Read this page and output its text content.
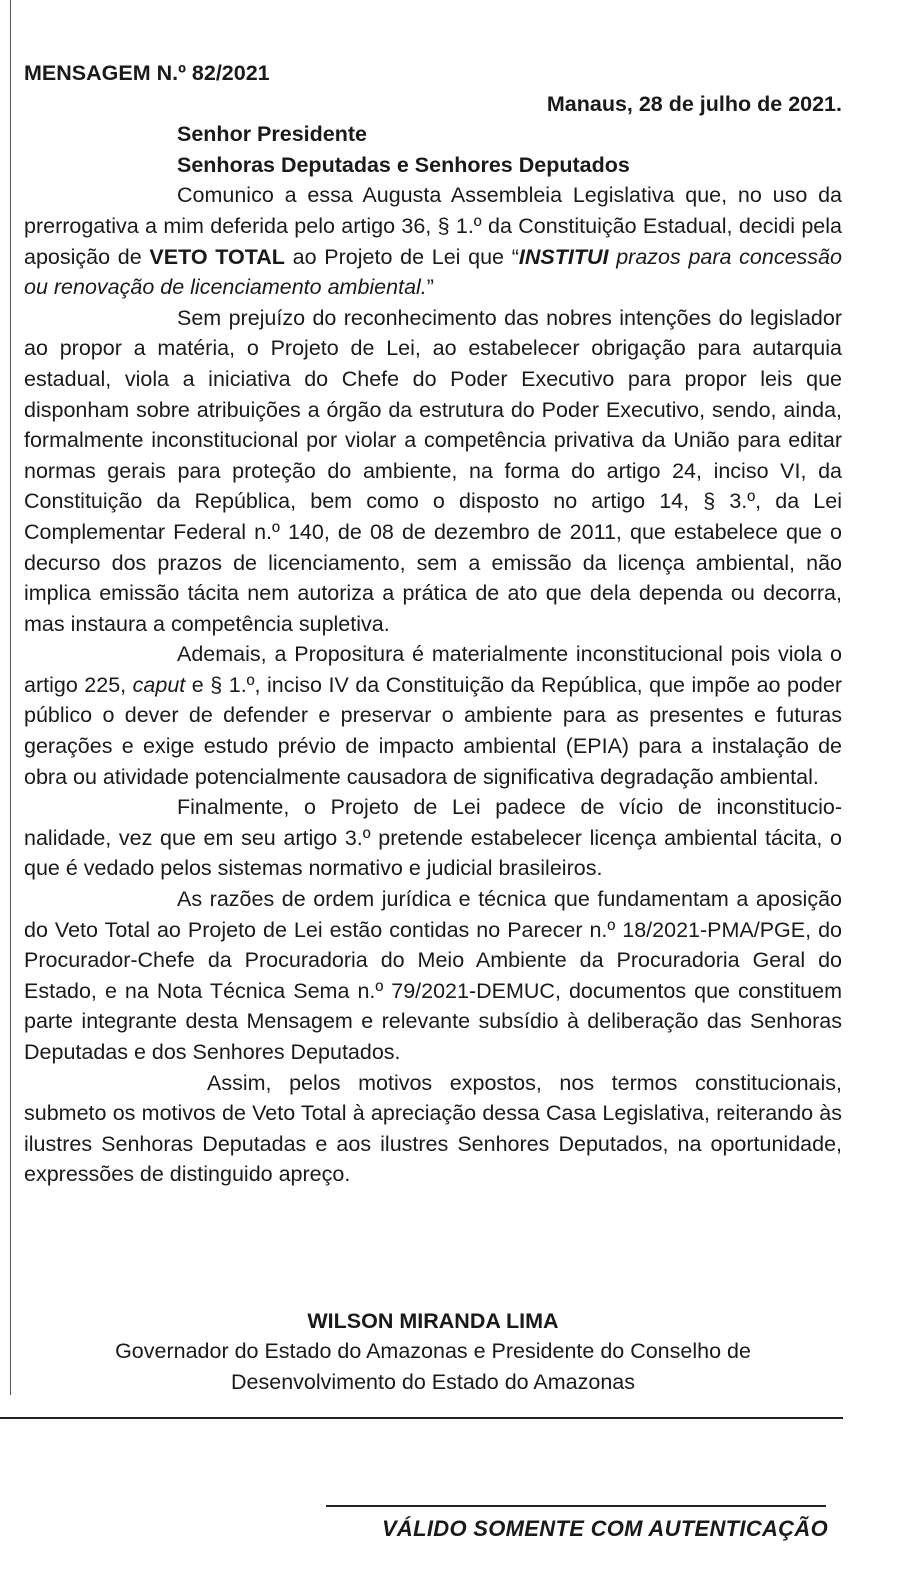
MENSAGEM N.º 82/2021

Manaus, 28 de julho de 2021.

Senhor Presidente

Senhoras Deputadas e Senhores Deputados

Comunico a essa Augusta Assembleia Legislativa que, no uso da prerrogativa a mim deferida pelo artigo 36, § 1.º da Constituição Estadual, decidi pela aposição de VETO TOTAL ao Projeto de Lei que “INSTITUI prazos para concessão ou renovação de licenciamento ambiental.”

Sem prejuízo do reconhecimento das nobres intenções do legislador ao propor a matéria, o Projeto de Lei, ao estabelecer obrigação para autarquia estadual, viola a iniciativa do Chefe do Poder Executivo para propor leis que disponham sobre atribuições a órgão da estrutura do Poder Executivo, sendo, ainda, formalmente inconstitucional por violar a competência privativa da União para editar normas gerais para proteção do ambiente, na forma do artigo 24, inciso VI, da Constituição da República, bem como o disposto no artigo 14, § 3.º, da Lei Complementar Federal n.º 140, de 08 de dezembro de 2011, que estabelece que o decurso dos prazos de licenciamento, sem a emissão da licença ambiental, não implica emissão tácita nem autoriza a prática de ato que dela dependa ou decorra, mas instaura a competência supletiva.

Ademais, a Propositura é materialmente inconstitucional pois viola o artigo 225, caput e § 1.º, inciso IV da Constituição da República, que impõe ao poder público o dever de defender e preservar o ambiente para as presentes e futuras gerações e exige estudo prévio de impacto ambiental (EPIA) para a instalação de obra ou atividade potencialmente causadora de significativa degradação ambiental.

Finalmente, o Projeto de Lei padece de vício de inconstitucio-nalidade, vez que em seu artigo 3.º pretende estabelecer licença ambiental tácita, o que é vedado pelos sistemas normativo e judicial brasileiros.

As razões de ordem jurídica e técnica que fundamentam a aposição do Veto Total ao Projeto de Lei estão contidas no Parecer n.º 18/2021-PMA/PGE, do Procurador-Chefe da Procuradoria do Meio Ambiente da Procuradoria Geral do Estado, e na Nota Técnica Sema n.º 79/2021-DEMUC, documentos que constituem parte integrante desta Mensagem e relevante subsídio à deliberação das Senhoras Deputadas e dos Senhores Deputados.

Assim, pelos motivos expostos, nos termos constitucionais, submeto os motivos de Veto Total à apreciação dessa Casa Legislativa, reiterando às ilustres Senhoras Deputadas e aos ilustres Senhores Deputados, na oportunidade, expressões de distinguido apreço.

WILSON MIRANDA LIMA
Governador do Estado do Amazonas e Presidente do Conselho de
Desenvolvimento do Estado do Amazonas
VÁLIDO SOMENTE COM AUTENTICAÇÃO
